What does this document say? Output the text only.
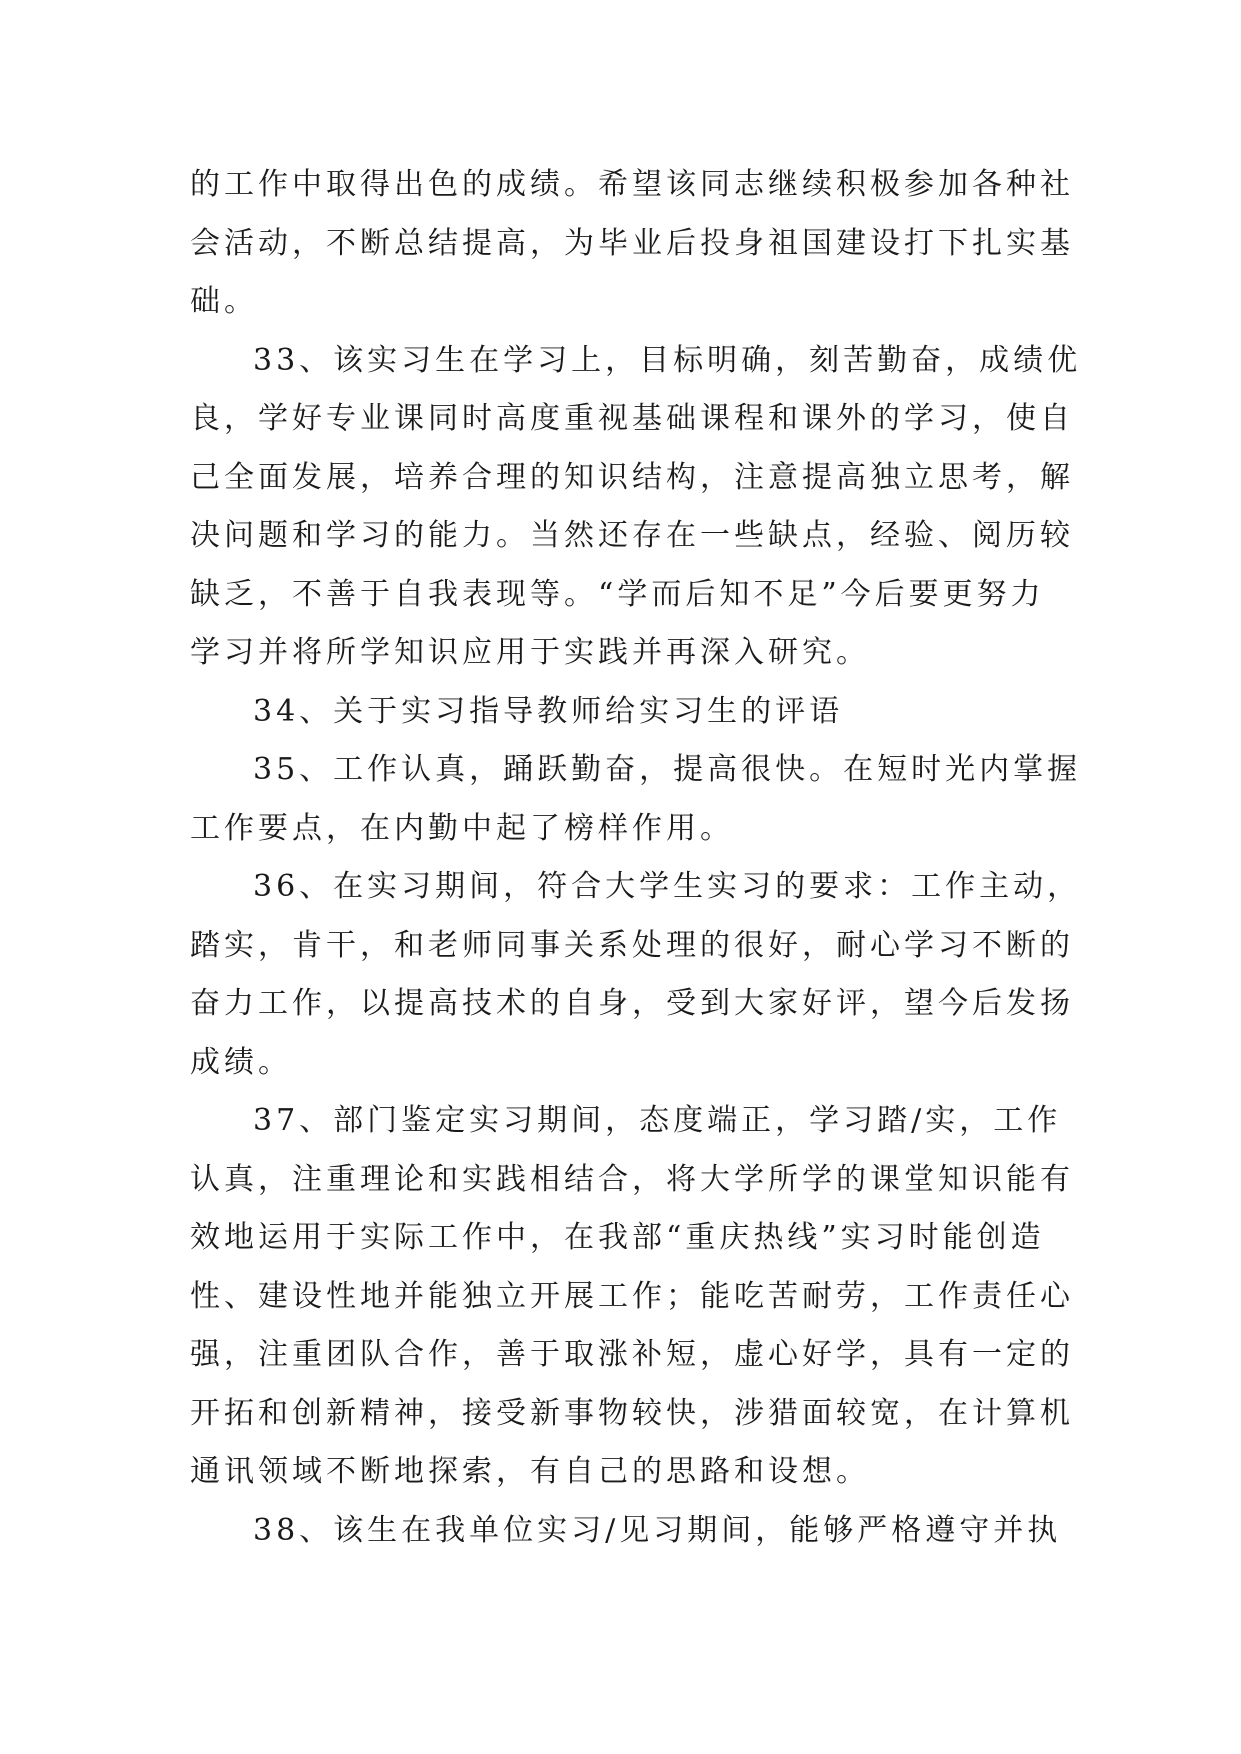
的工作中取得出色的成绩。希望该同志继续积极参加各种社
会活动，不断总结提高，为毕业后投身祖国建设打下扎实基
础。
33、该实习生在学习上，目标明确，刻苦勤奋，成绩优
良，学好专业课同时高度重视基础课程和课外的学习，使自
己全面发展，培养合理的知识结构，注意提高独立思考，解
决问题和学习的能力。当然还存在一些缺点，经验、阅历较
缺乏，不善于自我表现等。“学而后知不足”今后要更努力
学习并将所学知识应用于实践并再深入研究。
34、关于实习指导教师给实习生的评语
35、工作认真，踊跃勤奋，提高很快。在短时光内掌握
工作要点，在内勤中起了榜样作用。
36、在实习期间，符合大学生实习的要求：工作主动，
踏实，肯干，和老师同事关系处理的很好，耐心学习不断的
奋力工作，以提高技术的自身，受到大家好评，望今后发扬
成绩。
37、部门鉴定实习期间，态度端正，学习踏/实，工作
认真，注重理论和实践相结合，将大学所学的课堂知识能有
效地运用于实际工作中，在我部“重庆热线”实习时能创造
性、建设性地并能独立开展工作；能吃苦耐劳，工作责任心
强，注重团队合作，善于取涨补短，虚心好学，具有一定的
开拓和创新精神，接受新事物较快，涉猎面较宽，在计算机
通讯领域不断地探索，有自己的思路和设想。
38、该生在我单位实习/见习期间，能够严格遵守并执
